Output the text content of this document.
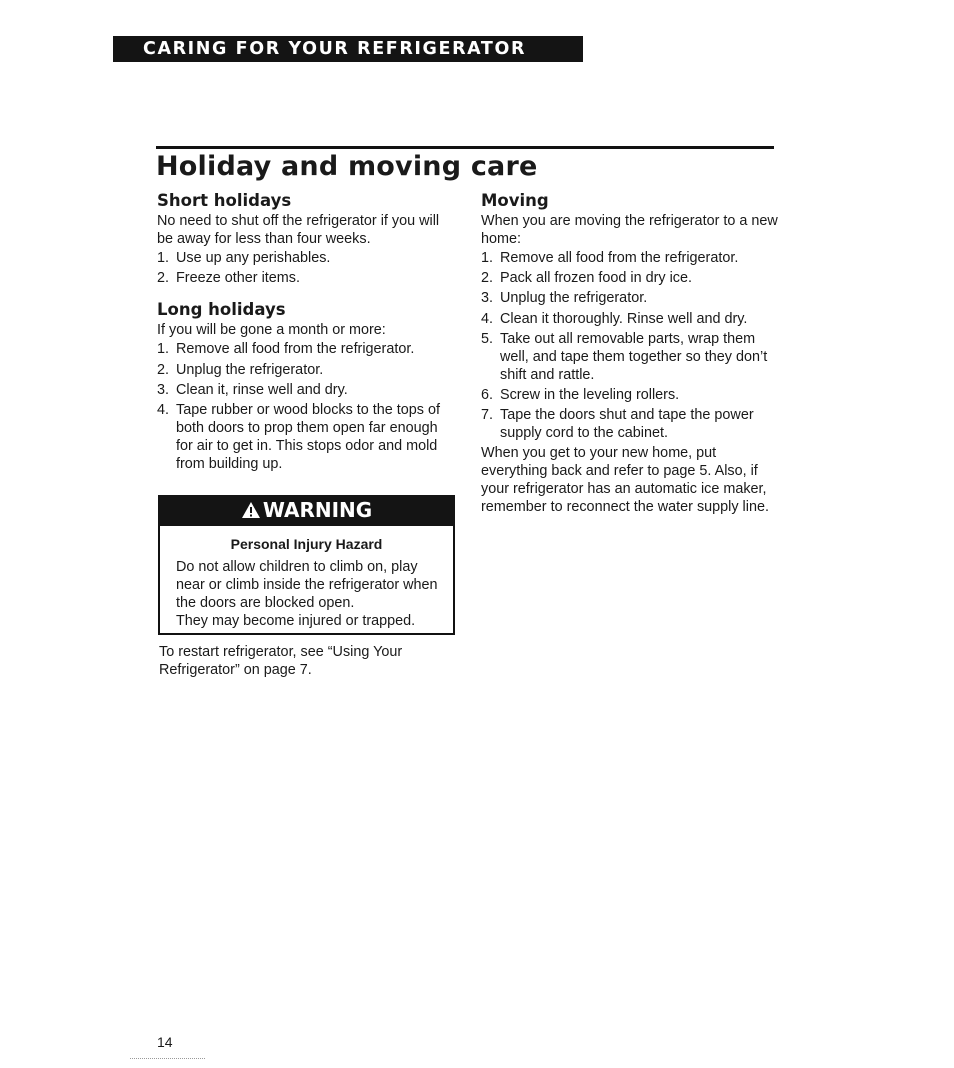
CARING FOR YOUR REFRIGERATOR
Holiday and moving care
Short holidays

No need to shut off the refrigerator if you will be away for less than four weeks.

1. Use up any perishables.
2. Freeze other items.
Long holidays

If you will be gone a month or more:

1. Remove all food from the refrigerator.
2. Unplug the refrigerator.
3. Clean it, rinse well and dry.
4. Tape rubber or wood blocks to the tops of both doors to prop them open far enough for air to get in. This stops odor and mold from building up.
WARNING
Personal Injury Hazard

Do not allow children to climb on, play near or climb inside the refrigerator when the doors are blocked open.
They may become injured or trapped.

To restart refrigerator, see “Using Your Refrigerator” on page 7.

Moving

When you are moving the refrigerator to a new home:

1. Remove all food from the refrigerator.
2. Pack all frozen food in dry ice.
3. Unplug the refrigerator.
4. Clean it thoroughly. Rinse well and dry.
5. Take out all removable parts, wrap them well, and tape them together so they don’t shift and rattle.
6. Screw in the leveling rollers.
7. Tape the doors shut and tape the power supply cord to the cabinet.

When you get to your new home, put everything back and refer to page 5. Also, if your refrigerator has an automatic ice maker, remember to reconnect the water supply line.

14
